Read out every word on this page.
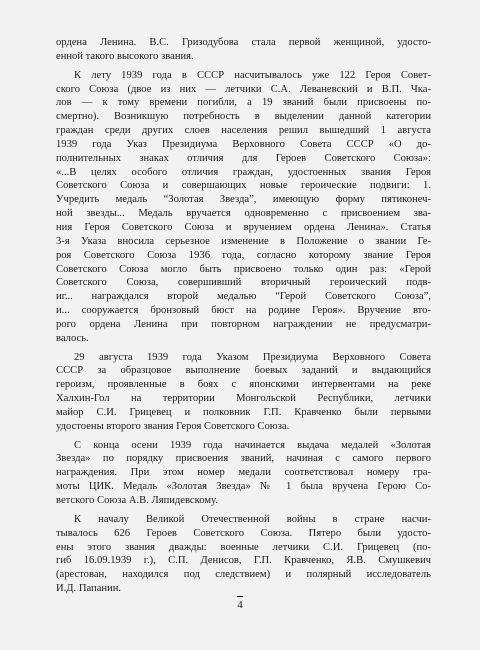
ордена Ленина. В.С. Гризодубова стала первой женщиной, удосто-
енной такого высокого звания.
К лету 1939 года в СССР насчитывалось уже 122 Героя Совет-
ского Союза (двое из них — летчики С.А. Леваневский и В.П. Чка-
лов — к тому времени погибли, а 19 званий были присвоены по-
смертно). Возникшую потребность в выделении данной категории
граждан среди других слоев населения решил вышедший 1 августа
1939 года Указ Президиума Верховного Совета СССР «О до-
полнительных знаках отличия для Героев Советского Союза»:
«...В целях особого отличия граждан, удостоенных звания Героя
Советского Союза и совершающих новые героические подвиги: 1.
Учредить медаль “Золотая Звезда”, имеющую форму пятиконеч-
ной звезды... Медаль вручается одновременно с присвоением зва-
ния Героя Советского Союза и вручением ордена Ленина». Статья
3-я Указа вносила серьезное изменение в Положение о звании Ге-
роя Советского Союза 1936 года, согласно которому звание Героя
Советского Союза могло быть присвоено только один раз: «Герой
Советского Союза, совершивший вторичный героический подв-
иг... награждался второй медалью “Герой Советского Союза”,
и... сооружается бронзовый бюст на родине Героя». Вручение вто-
рого ордена Ленина при повторном награждении не предусматри-
валось.
29 августа 1939 года Указом Президиума Верховного Совета
СССР за образцовое выполнение боевых заданий и выдающийся
героизм, проявленные в боях с японскими интервентами на реке
Халхин-Гол на территории Монгольской Республики, летчики
майор С.И. Грицевец и полковник Г.П. Кравченко были первыми
удостоены второго звания Героя Советского Союза.
С конца осени 1939 года начинается выдача медалей «Золотая
Звезда» по порядку присвоения званий, начиная с самого первого
награждения. При этом номер медали соответствовал номеру гра-
моты ЦИК. Медаль «Золотая Звезда» № 1 была вручена Герою Со-
ветского Союза А.В. Ляпидевскому.
К началу Великой Отечественной войны в стране насчи-
тывалось 626 Героев Советского Союза. Пятеро были удосто-
ены этого звания дважды: военные летчики С.И. Грицевец (по-
гиб 16.09.1939 г.), С.П. Денисов, Г.П. Кравченко, Я.В. Смушкевич
(арестован, находился под следствием) и полярный исследователь
И.Д. Папанин.
4
